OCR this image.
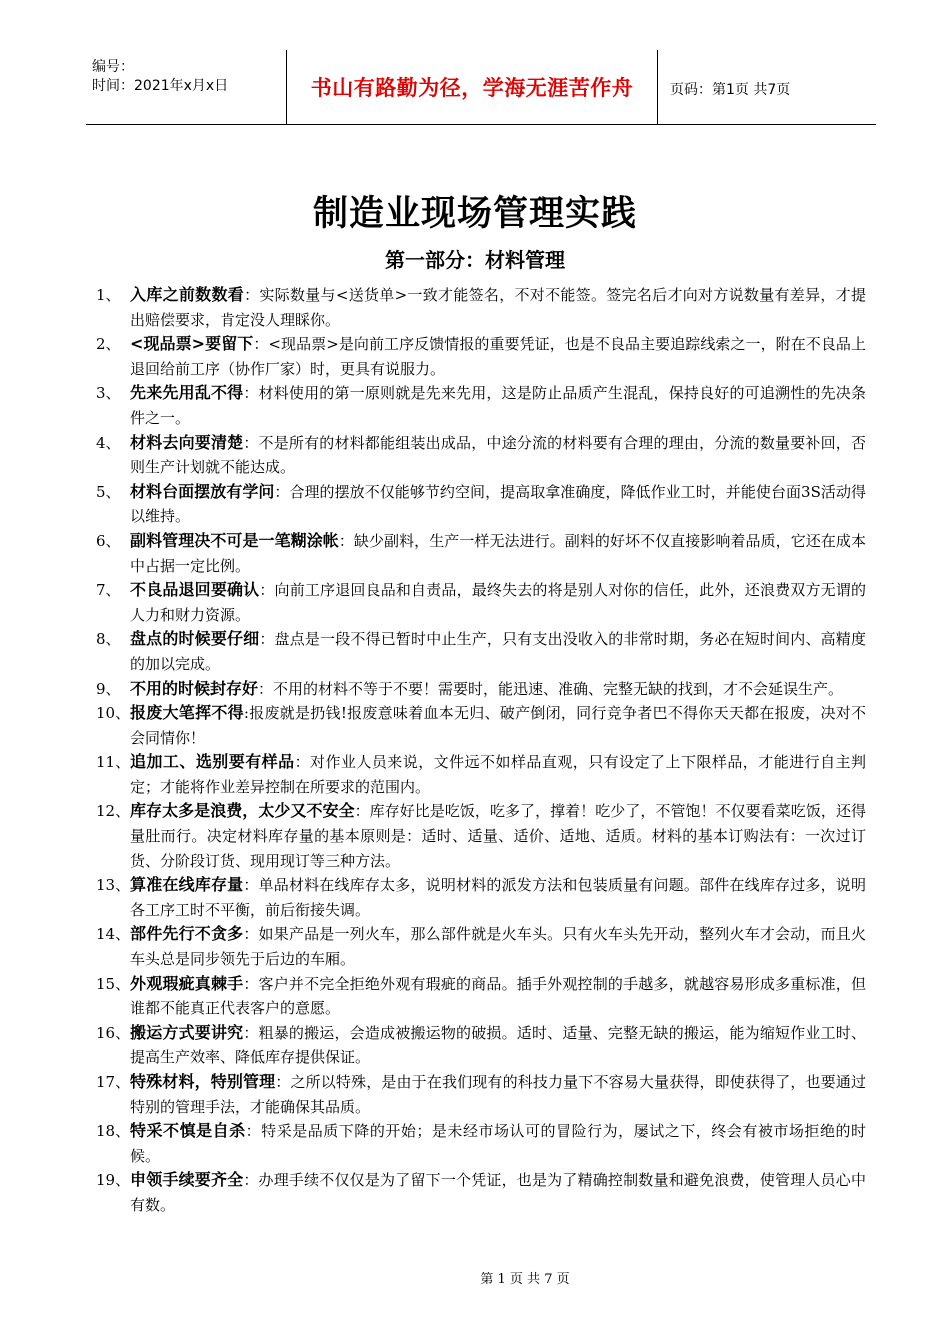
编号：
时间：2021年x月x日	书山有路勤为径，学海无涯苦作舟	页码：第1页 共7页
制造业现场管理实践
第一部分：材料管理
1、 入库之前数数看：实际数量与<送货单>一致才能签名，不对不能签。签完名后才向对方说数量有差异，才提出赔偿要求，肯定没人理睬你。
2、 <现品票>要留下：<现品票>是向前工序反馈情报的重要凭证，也是不良品主要追踪线索之一，附在不良品上退回给前工序（协作厂家）时，更具有说服力。
3、 先来先用乱不得：材料使用的第一原则就是先来先用，这是防止品质产生混乱，保持良好的可追溯性的先决条件之一。
4、 材料去向要清楚：不是所有的材料都能组装出成品，中途分流的材料要有合理的理由，分流的数量要补回，否则生产计划就不能达成。
5、 材料台面摆放有学问：合理的摆放不仅能够节约空间，提高取拿准确度，降低作业工时，并能使台面3S活动得以维持。
6、 副料管理决不可是一笔糊涂帐：缺少副料，生产一样无法进行。副料的好坏不仅直接影响着品质，它还在成本中占据一定比例。
7、 不良品退回要确认：向前工序退回良品和自责品，最终失去的将是别人对你的信任，此外，还浪费双方无谓的人力和财力资源。
8、 盘点的时候要仔细：盘点是一段不得已暂时中止生产，只有支出没收入的非常时期，务必在短时间内、高精度的加以完成。
9、 不用的时候封存好：不用的材料不等于不要！需要时，能迅速、准确、完整无缺的找到，才不会延误生产。
10、 报废大笔挥不得:报废就是扔钱!报废意味着血本无归、破产倒闭，同行竞争者巴不得你天天都在报废，决对不会同情你！
11、 追加工、选别要有样品：对作业人员来说，文件远不如样品直观，只有设定了上下限样品，才能进行自主判定；才能将作业差异控制在所要求的范围内。
12、 库存太多是浪费，太少又不安全：库存好比是吃饭，吃多了，撑着！吃少了，不管饱！不仅要看菜吃饭，还得量肚而行。决定材料库存量的基本原则是：适时、适量、适价、适地、适质。材料的基本订购法有：一次过订货、分阶段订货、现用现订等三种方法。
13、 算准在线库存量：单品材料在线库存太多，说明材料的派发方法和包装质量有问题。部件在线库存过多，说明各工序工时不平衡，前后衔接失调。
14、 部件先行不贪多：如果产品是一列火车，那么部件就是火车头。只有火车头先开动，整列火车才会动，而且火车头总是同步领先于后边的车厢。
15、 外观瑕疵真棘手：客户并不完全拒绝外观有瑕疵的商品。插手外观控制的手越多，就越容易形成多重标准，但谁都不能真正代表客户的意愿。
16、 搬运方式要讲究：粗暴的搬运，会造成被搬运物的破损。适时、适量、完整无缺的搬运，能为缩短作业工时、提高生产效率、降低库存提供保证。
17、 特殊材料，特别管理：之所以特殊，是由于在我们现有的科技力量下不容易大量获得，即使获得了，也要通过特别的管理手法，才能确保其品质。
18、 特采不慎是自杀：特采是品质下降的开始；是未经市场认可的冒险行为，屡试之下，终会有被市场拒绝的时候。
19、 申领手续要齐全：办理手续不仅仅是为了留下一个凭证，也是为了精确控制数量和避免浪费，使管理人员心中有数。
第 1 页 共 7 页
